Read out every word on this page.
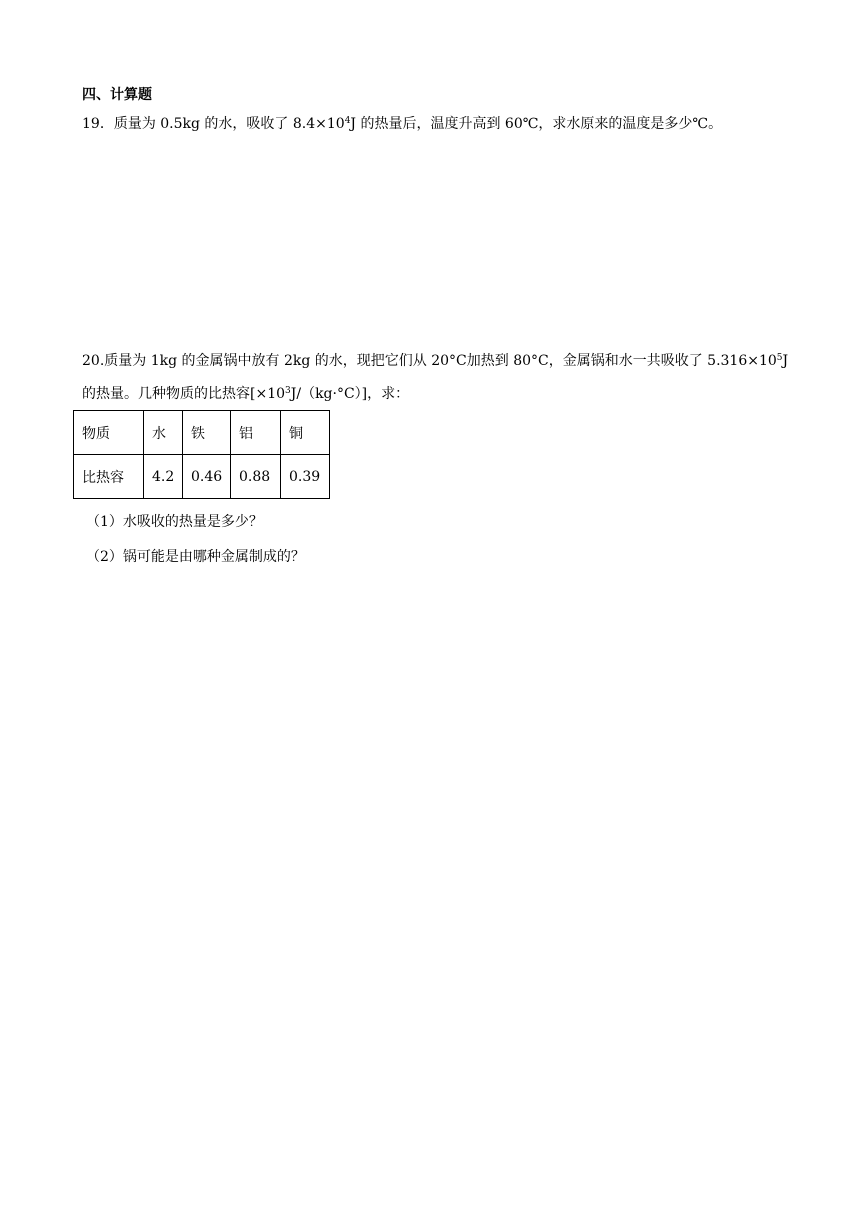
四、计算题
19．质量为 0.5kg 的水，吸收了 $8.4\times 10^4J$ 的热量后，温度升高到 60℃，求水原来的温度是多少℃。
20.质量为 1kg 的金属锅中放有 2kg 的水，现把它们从 20°C加热到 80°C，金属锅和水一共吸收了 $5.316\times 10^5J$
的热量。几种物质的比热容$[\times 10^3J/(kg\cdot^\circ C)]$，求：
物质	水	铁	铝	铜
比热容	4.2	0.46	0.88	0.39
（1）水吸收的热量是多少？
（2）锅可能是由哪种金属制成的？
